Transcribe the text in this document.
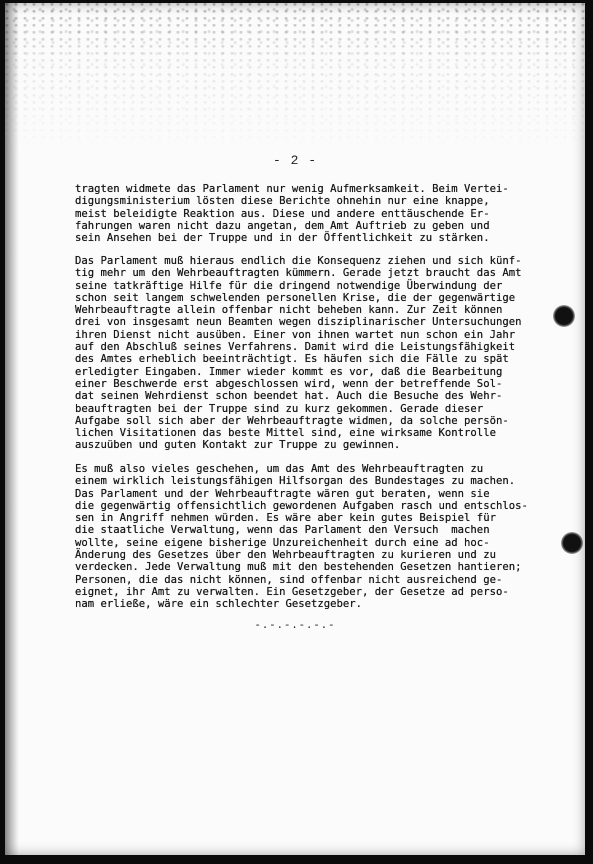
- 2 -
tragten widmete das Parlament nur wenig Aufmerksamkeit. Beim Vertei-
digungsministerium lösten diese Berichte ohnehin nur eine knappe,
meist beleidigte Reaktion aus. Diese und andere enttäuschende Er-
fahrungen waren nicht dazu angetan, dem Amt Auftrieb zu geben und
sein Ansehen bei der Truppe und in der Öffentlichkeit zu stärken.
Das Parlament muß hieraus endlich die Konsequenz ziehen und sich künf-
tig mehr um den Wehrbeauftragten kümmern. Gerade jetzt braucht das Amt
seine tatkräftige Hilfe für die dringend notwendige Überwindung der
schon seit langem schwelenden personellen Krise, die der gegenwärtige
Wehrbeauftragte allein offenbar nicht beheben kann. Zur Zeit können
drei von insgesamt neun Beamten wegen disziplinarischer Untersuchungen
ihren Dienst nicht ausüben. Einer von ihnen wartet nun schon ein Jahr
auf den Abschluß seines Verfahrens. Damit wird die Leistungsfähigkeit
des Amtes erheblich beeinträchtigt. Es häufen sich die Fälle zu spät
erledigter Eingaben. Immer wieder kommt es vor, daß die Bearbeitung
einer Beschwerde erst abgeschlossen wird, wenn der betreffende Sol-
dat seinen Wehrdienst schon beendet hat. Auch die Besuche des Wehr-
beauftragten bei der Truppe sind zu kurz gekommen. Gerade dieser
Aufgabe soll sich aber der Wehrbeauftragte widmen, da solche persön-
lichen Visitationen das beste Mittel sind, eine wirksame Kontrolle
auszuüben und guten Kontakt zur Truppe zu gewinnen.
Es muß also vieles geschehen, um das Amt des Wehrbeauftragten zu
einem wirklich leistungsfähigen Hilfsorgan des Bundestages zu machen.
Das Parlament und der Wehrbeauftragte wären gut beraten, wenn sie
die gegenwärtig offensichtlich gewordenen Aufgaben rasch und entschlos-
sen in Angriff nehmen würden. Es wäre aber kein gutes Beispiel für
die staatliche Verwaltung, wenn das Parlament den Versuch  machen
wollte, seine eigene bisherige Unzureichenheit durch eine ad hoc-
Änderung des Gesetzes über den Wehrbeauftragten zu kurieren und zu
verdecken. Jede Verwaltung muß mit den bestehenden Gesetzen hantieren;
Personen, die das nicht können, sind offenbar nicht ausreichend ge-
eignet, ihr Amt zu verwalten. Ein Gesetzgeber, der Gesetze ad perso-
nam erließe, wäre ein schlechter Gesetzgeber.
-.-.-.-.-.-
